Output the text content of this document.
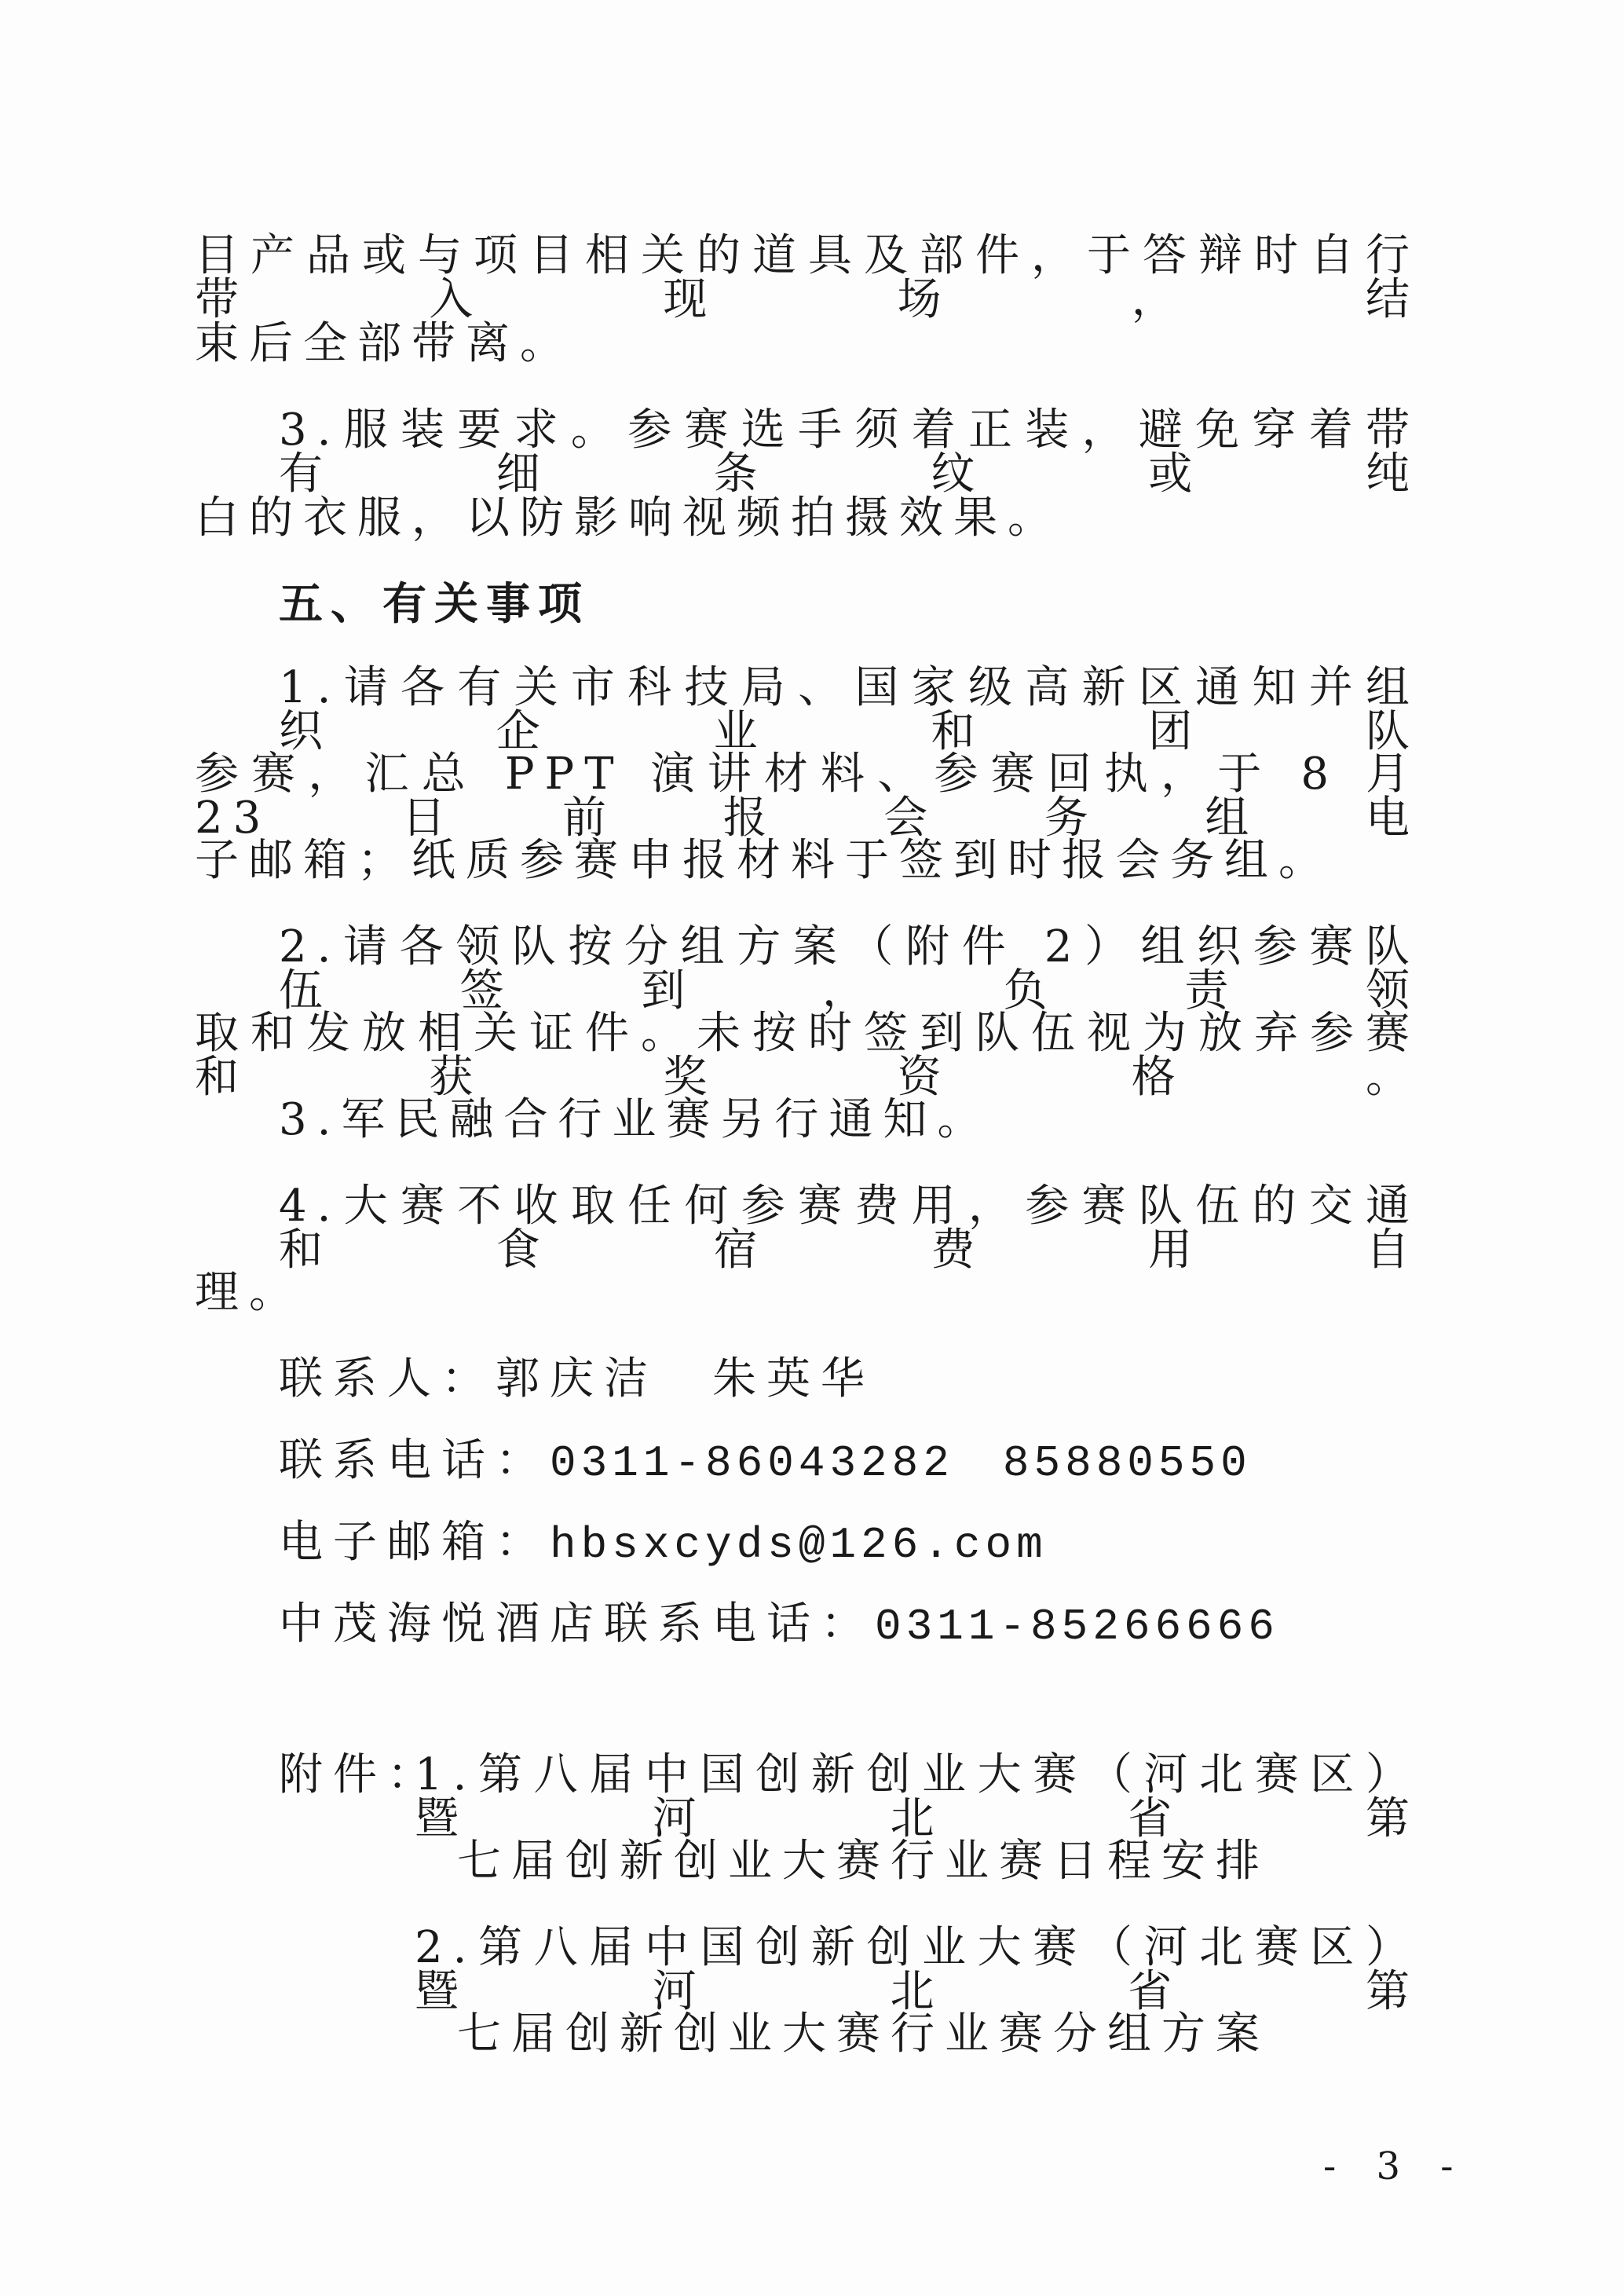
目产品或与项目相关的道具及部件，于答辩时自行带入现场，结
束后全部带离。
3.服装要求。参赛选手须着正装，避免穿着带有细条纹或纯
白的衣服，以防影响视频拍摄效果。
五、有关事项
1.请各有关市科技局、国家级高新区通知并组织企业和团队
参赛，汇总 PPT 演讲材料、参赛回执，于 8 月 23 日前报会务组电
子邮箱；纸质参赛申报材料于签到时报会务组。
2.请各领队按分组方案（附件 2）组织参赛队伍签到，负责领
取和发放相关证件。未按时签到队伍视为放弃参赛和获奖资格。
3.军民融合行业赛另行通知。
4.大赛不收取任何参赛费用，参赛队伍的交通和食宿费用自
理。
联系人：郭庆洁　朱英华
联系电话：0311-86043282　85880550
电子邮箱：hbsxcyds@126.com
中茂海悦酒店联系电话：0311-85266666
附件：
1.第八届中国创新创业大赛（河北赛区）暨河北省第
七届创新创业大赛行业赛日程安排
2.第八届中国创新创业大赛（河北赛区）暨河北省第
七届创新创业大赛行业赛分组方案
- 3 -
